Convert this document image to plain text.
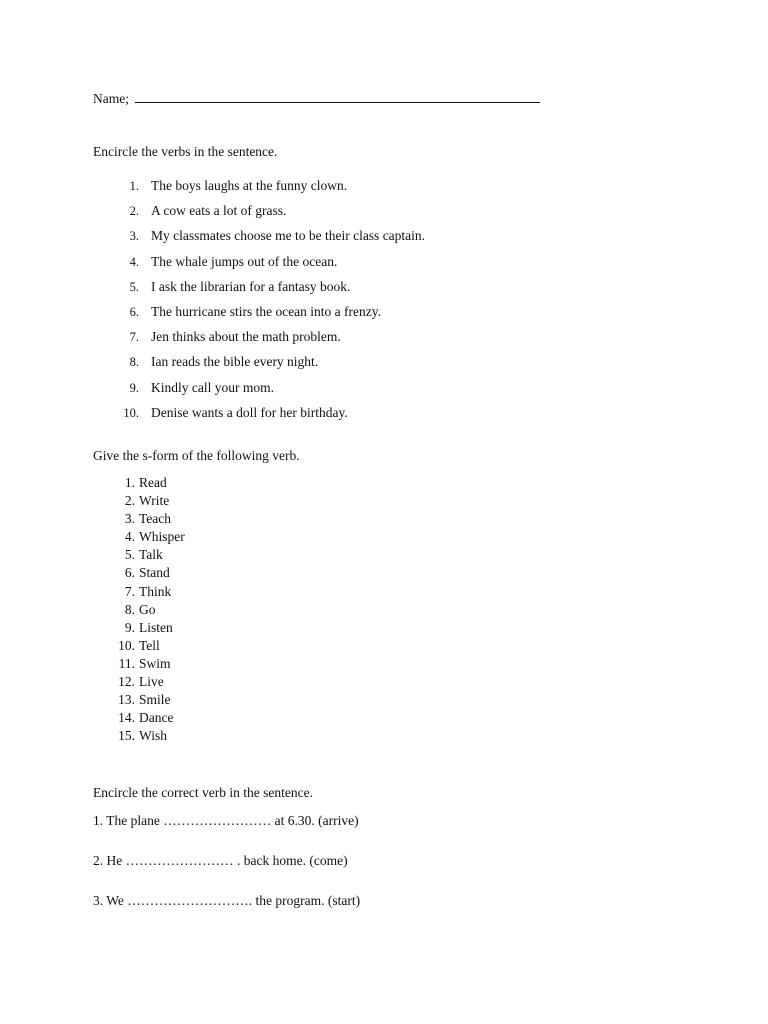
Name;
Encircle the verbs in the sentence.
1. The boys laughs at the funny clown.
2. A cow eats a lot of grass.
3. My classmates choose me to be their class captain.
4. The whale jumps out of the ocean.
5. I ask the librarian for a fantasy book.
6. The hurricane stirs the ocean into a frenzy.
7. Jen thinks about the math problem.
8. Ian reads the bible every night.
9. Kindly call your mom.
10. Denise wants a doll for her birthday.
Give the s-form of the following verb.
1. Read
2. Write
3. Teach
4. Whisper
5. Talk
6. Stand
7. Think
8. Go
9. Listen
10. Tell
11. Swim
12. Live
13. Smile
14. Dance
15. Wish
Encircle the correct verb in the sentence.
1. The plane …………………… at 6.30. (arrive)
2. He …………………… . back home. (come)
3. We ………………………. the program. (start)
